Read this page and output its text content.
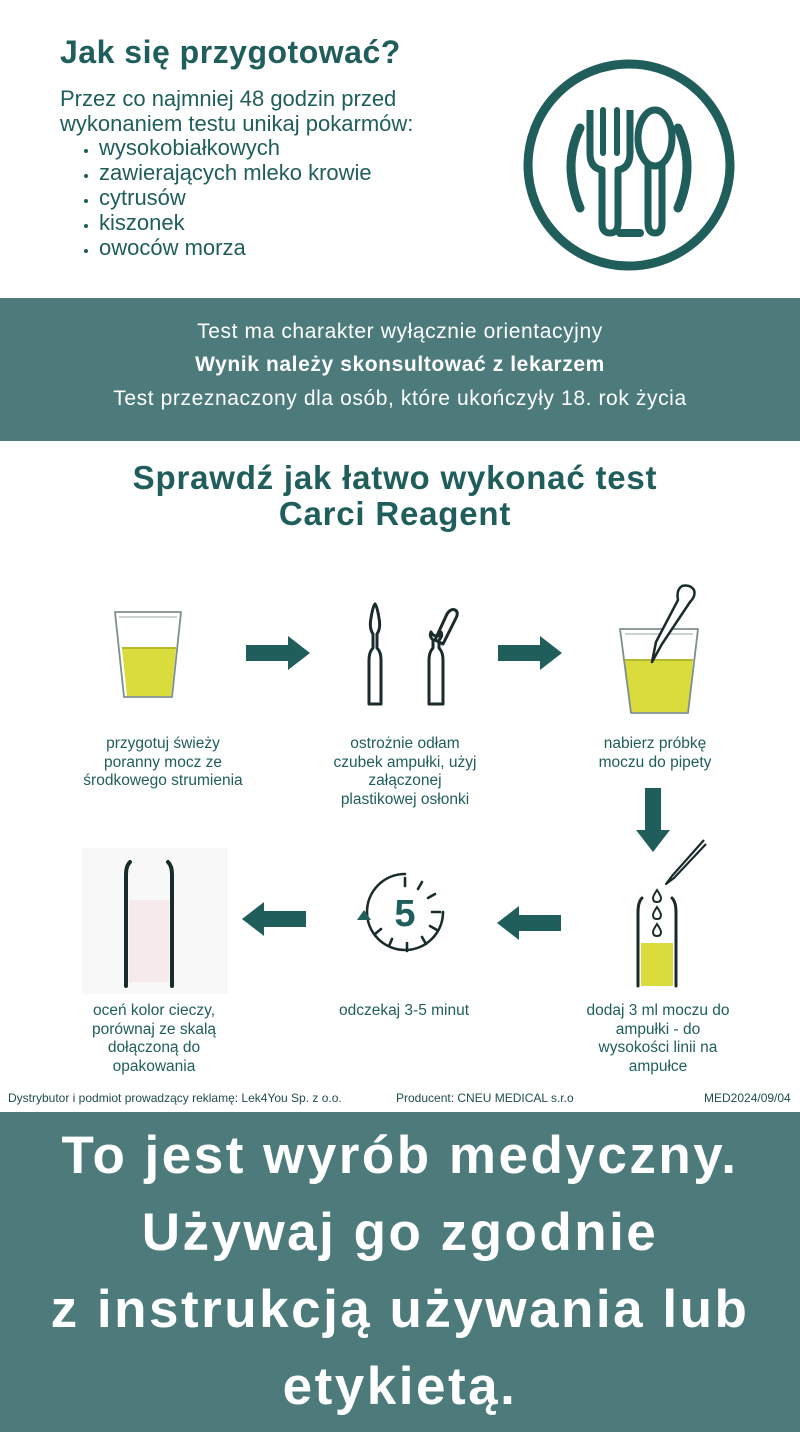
Jak się przygotować?
Przez co najmniej 48 godzin przed wykonaniem testu unikaj pokarmów:
• wysokobiałkowych
• zawierających mleko krowie
• cytrusów
• kiszonek
• owoców morza
Test ma charakter wyłącznie orientacyjny
Wynik należy skonsultować z lekarzem
Test przeznaczony dla osób, które ukończyły 18. rok życia
Sprawdź jak łatwo wykonać test
Carci Reagent
przygotuj świeży poranny mocz ze środkowego strumienia
ostrożnie odłam czubek ampułki, użyj załączonej plastikowej osłonki
nabierz próbkę moczu do pipety
dodaj 3 ml moczu do ampułki - do wysokości linii na ampułce
5
odczekaj 3-5 minut
oceń kolor cieczy, porównaj ze skalą dołączoną do opakowania
Dystrybutor i podmiot prowadzący reklamę: Lek4You Sp. z o.o.	Producent: CNEU MEDICAL s.r.o	MED2024/09/04
To jest wyrób medyczny.
Używaj go zgodnie
z instrukcją używania lub
etykietą.
